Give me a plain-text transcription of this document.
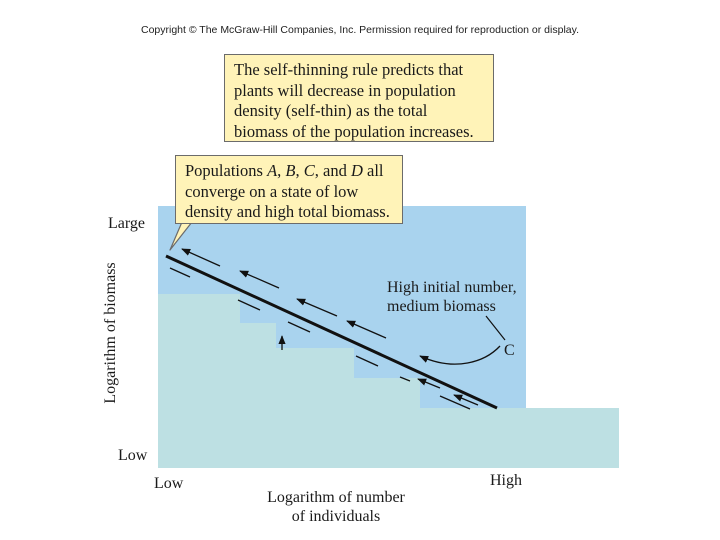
Copyright © The McGraw-Hill Companies, Inc. Permission required for reproduction or display.
The self-thinning rule predicts that
plants will decrease in population
density (self-thin) as the total
biomass of the population increases.
Populations A, B, C, and D all
converge on a state of low
density and high total biomass.
Logarithm of biomass
Large
Low
Low	High
Logarithm of number
of individuals
High initial number,
medium biomass
C
